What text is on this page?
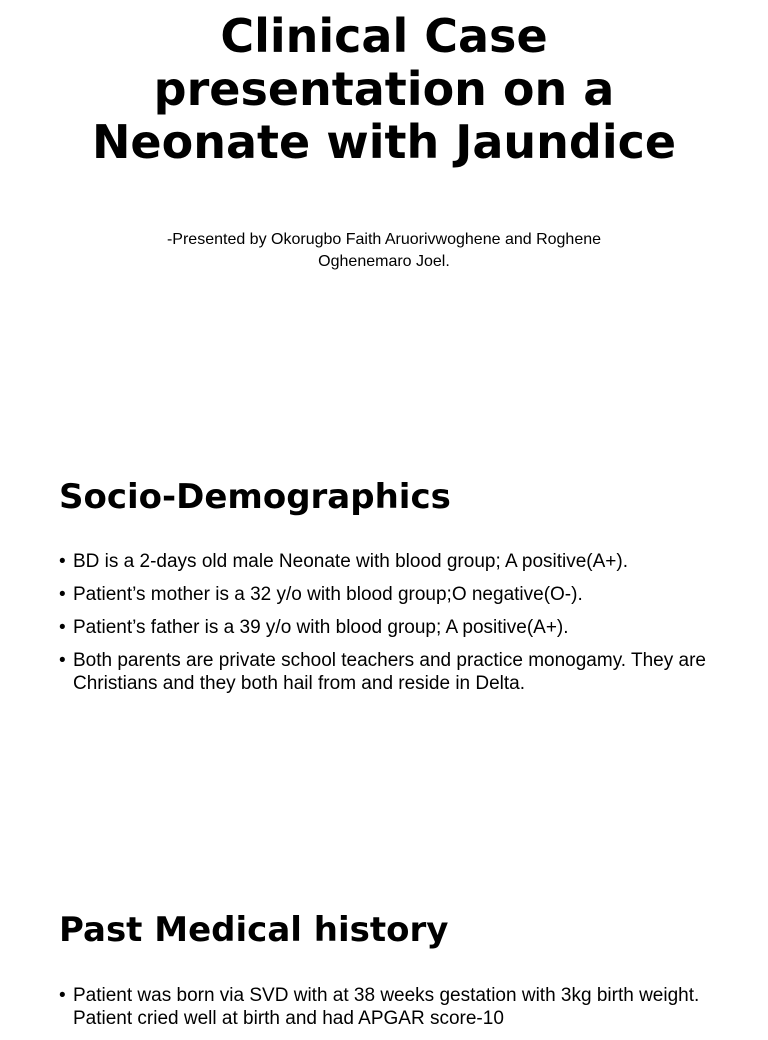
Clinical Case presentation on a Neonate with Jaundice

-Presented by Okorugbo Faith Aruorivwoghene and Roghene Oghenemaro Joel.

Socio-Demographics
• BD is a 2-days old male Neonate with blood group; A positive(A+).
• Patient’s mother is a 32 y/o with blood group;O negative(O-).
• Patient’s father is a 39 y/o with blood group; A positive(A+).
• Both parents are private school teachers and practice monogamy. They are Christians and they both hail from and reside in Delta.
Past Medical history
• Patient was born via SVD with at 38 weeks gestation with 3kg birth weight. Patient cried well at birth and had APGAR score-10
